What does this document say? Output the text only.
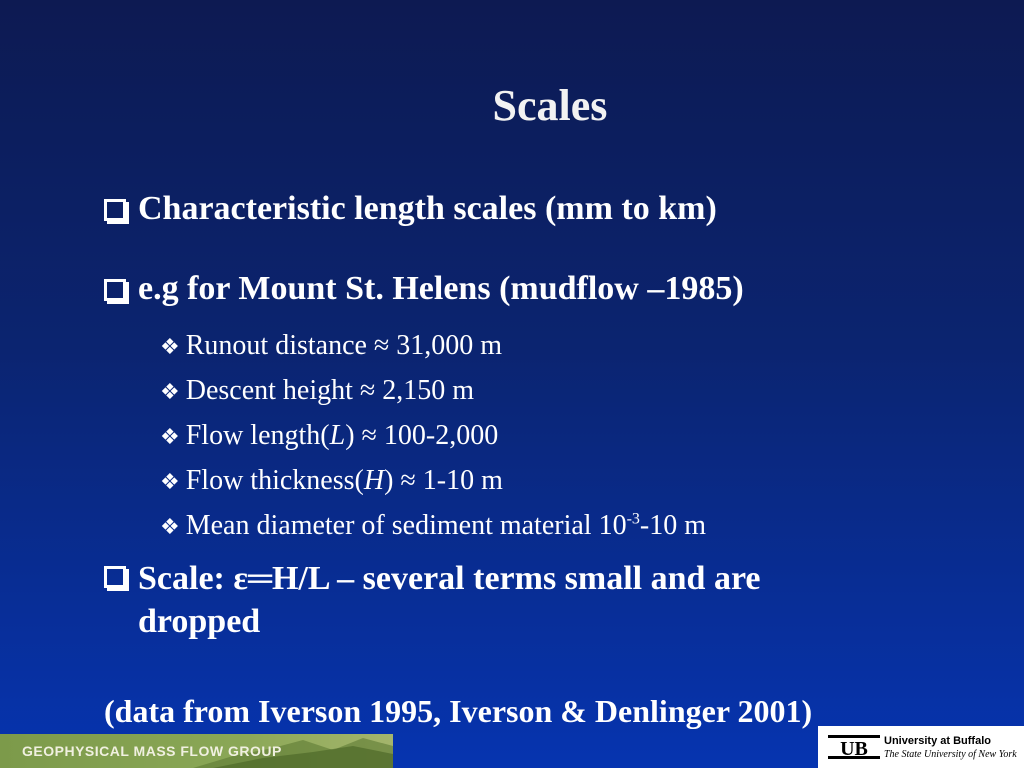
Scales
Characteristic length scales (mm to km)
e.g for Mount St. Helens (mudflow –1985)
❖ Runout distance ≈ 31,000 m
❖ Descent height ≈ 2,150 m
❖ Flow length(L) ≈ 100-2,000
❖ Flow thickness(H) ≈ 1-10 m
❖ Mean diameter of sediment material $10^{-3}-10$ m
Scale: ε═H/L – several terms small and are
dropped
(data from Iverson 1995, Iverson & Denlinger 2001)
GEOPHYSICAL MASS FLOW GROUP	UB University at Buffalo
The State University of New York
